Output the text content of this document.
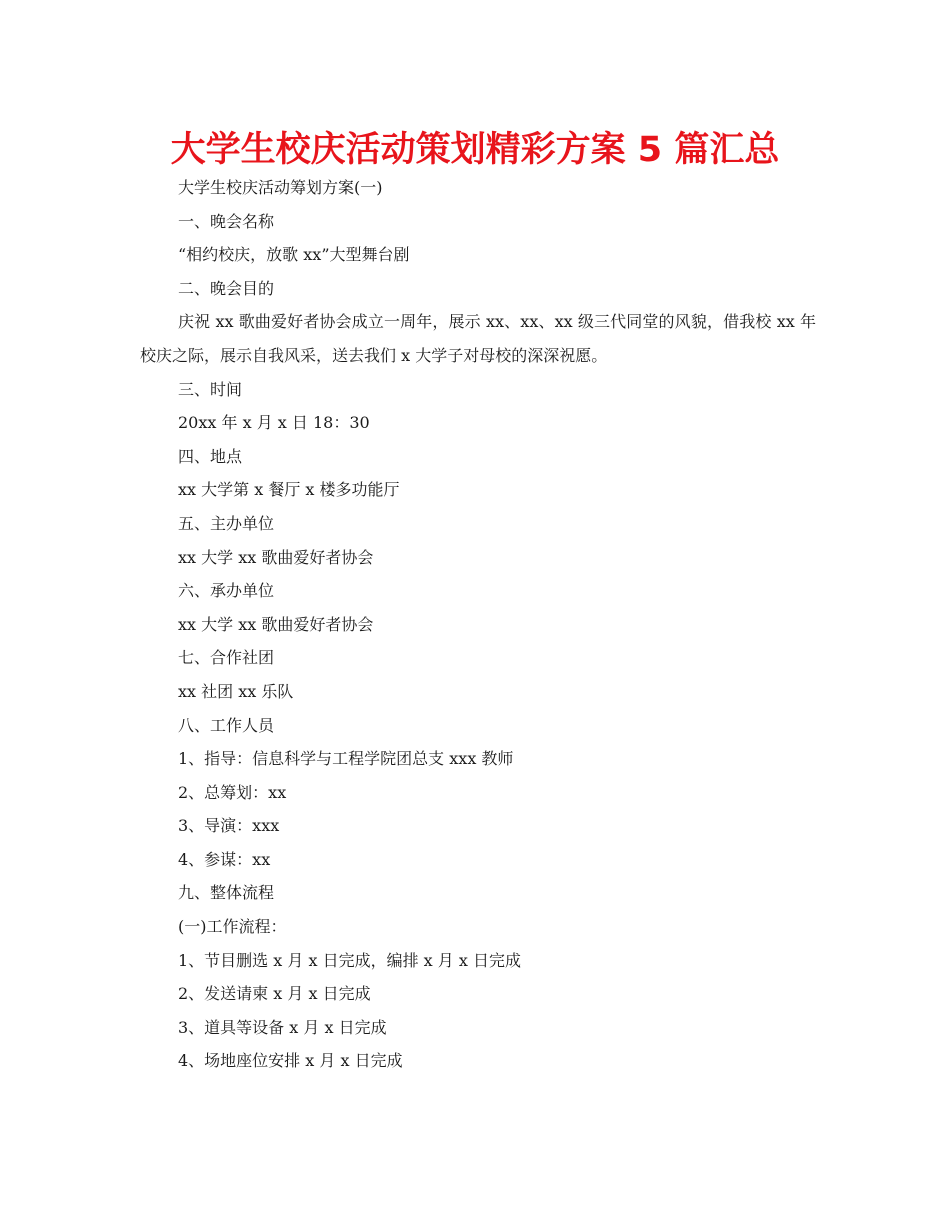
大学生校庆活动策划精彩方案 5 篇汇总
大学生校庆活动筹划方案(一)
一、晚会名称
“相约校庆，放歌 xx”大型舞台剧
二、晚会目的
庆祝 xx 歌曲爱好者协会成立一周年，展示 xx、xx、xx 级三代同堂的风貌，借我校 xx 年校庆之际，展示自我风采，送去我们 x 大学子对母校的深深祝愿。
三、时间
20xx 年 x 月 x 日 18：30
四、地点
xx 大学第 x 餐厅 x 楼多功能厅
五、主办单位
xx 大学 xx 歌曲爱好者协会
六、承办单位
xx 大学 xx 歌曲爱好者协会
七、合作社团
xx 社团 xx 乐队
八、工作人员
1、指导：信息科学与工程学院团总支 xxx 教师
2、总筹划：xx
3、导演：xxx
4、参谋：xx
九、整体流程
(一)工作流程：
1、节目删选 x 月 x 日完成，编排 x 月 x 日完成
2、发送请柬 x 月 x 日完成
3、道具等设备 x 月 x 日完成
4、场地座位安排 x 月 x 日完成
